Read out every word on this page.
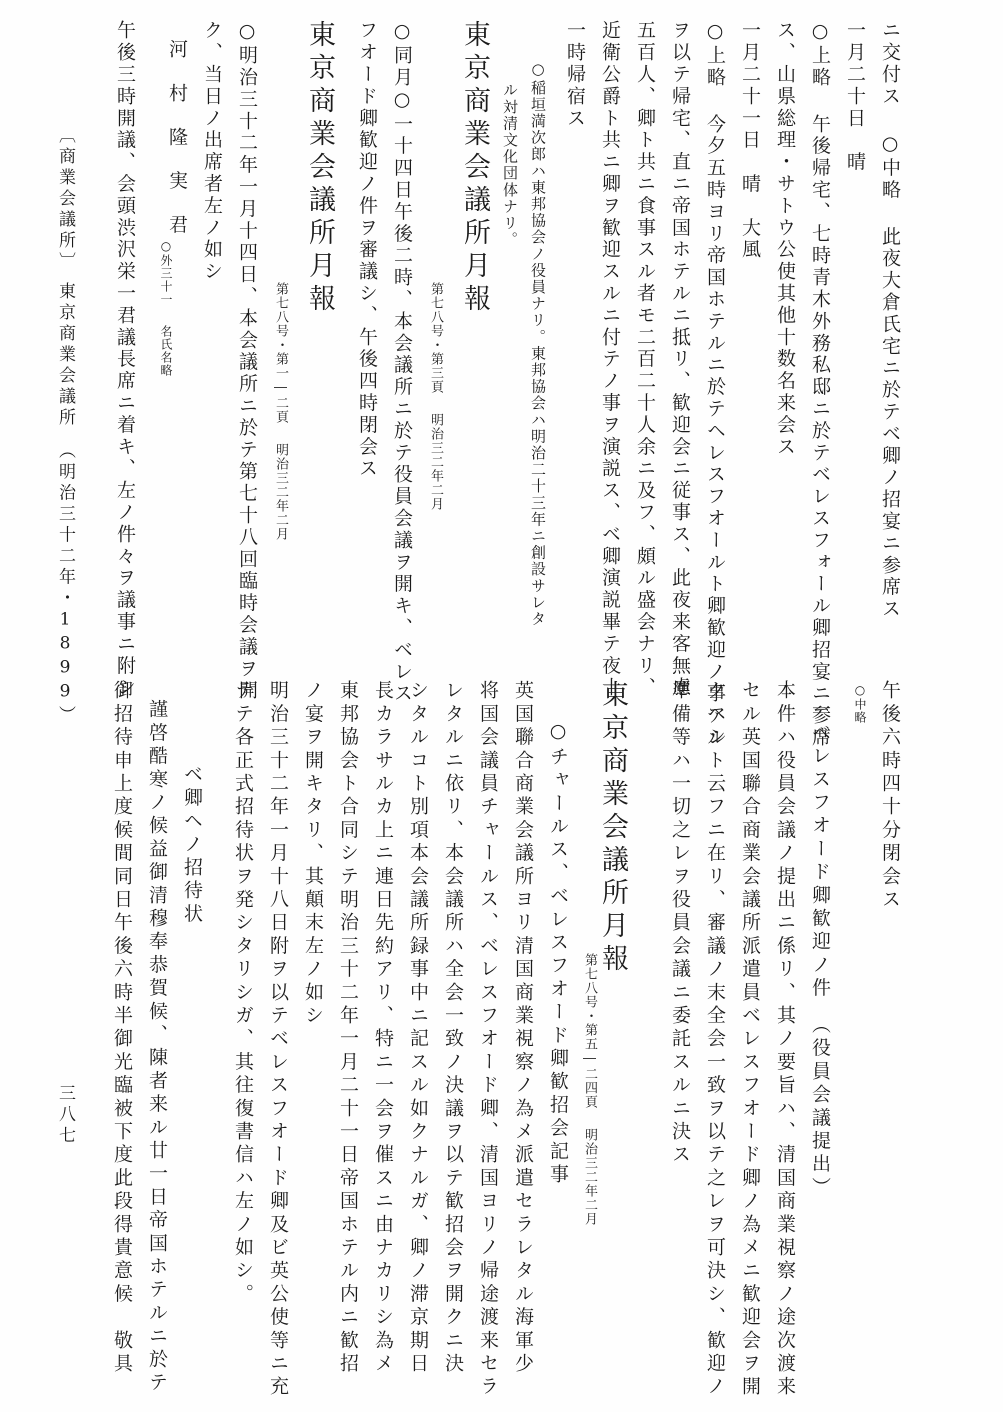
ニ交付ス ○中略 此夜大倉氏宅ニ於テベ卿ノ招宴ニ参席ス
一月二十日　晴
○上略 午後帰宅、七時青木外務私邸ニ於テベレスフォール卿招宴ニ参席
ス、山県総理・サトウ公使其他十数名来会ス
一月二十一日　晴　大風
○上略 今夕五時ヨリ帝国ホテルニ於テヘレスフオールト卿歓迎ノ事アル
ヲ以テ帰宅、直ニ帝国ホテルニ抵リ、歓迎会ニ従事ス、此夜来客無慮
五百人、卿ト共ニ食事スル者モ二百二十人余ニ及フ、頗ル盛会ナリ、
近衛公爵ト共ニ卿ヲ歓迎スルニ付テノ事ヲ演説ス、ベ卿演説畢テ夜十
一時帰宿ス
○稲垣満次郎ハ東邦協会ノ役員ナリ。東邦協会ハ明治二十三年ニ創設サレタ
ル対清文化団体ナリ。
東京商業会議所月報
第七八号・第三頁 明治三二年二月
○同月○一十四日午後二時、本会議所ニ於テ役員会議ヲ開キ、ベレス
フオード卿歓迎ノ件ヲ審議シ、午後四時閉会ス
東京商業会議所月報
第七八号・第一―二頁 明治三二年二月
○明治三十二年一月十四日、本会議所ニ於テ第七十八回臨時会議ヲ開
ク、当日ノ出席者左ノ如シ
河　村　隆　実　君
○外三十一 名氏名略
午後三時開議、会頭渋沢栄一君議長席ニ着キ、左ノ件々ヲ議事ニ附シ
〔商業会議所〕
東京商業会議所　（明治三十二年・1899）
午後六時四十分閉会ス
○中略
一ベレスフオード卿歓迎ノ件　（役員会議提出）
本件ハ役員会議ノ提出ニ係リ、其ノ要旨ハ、清国商業視察ノ途次渡来
セル英国聯合商業会議所派遣員ベレスフオード卿ノ為メニ歓迎会ヲ開
クヘシト云フニ在リ、審議ノ末全会一致ヲ以テ之レヲ可決シ、歓迎ノ
準備等ハ一切之レヲ役員会議ニ委託スルニ決ス
東京商業会議所月報
第七八号・第五―二四頁 明治三二年二月
○チャールス、ベレスフオード卿歓招会記事
英国聯合商業会議所ヨリ清国商業視察ノ為メ派遣セラレタル海軍少
将国会議員チャールス、ベレスフオード卿、清国ヨリノ帰途渡来セラ
レタルニ依リ、本会議所ハ全会一致ノ決議ヲ以テ歓招会ヲ開クニ決
シタルコト別項本会議所録事中ニ記スル如クナルガ、卿ノ滞京期日
長カラサルカ上ニ連日先約アリ、特ニ一会ヲ催スニ由ナカリシ為メ
東邦協会ト合同シテ明治三十二年一月二十一日帝国ホテル内ニ歓招
ノ宴ヲ開キタリ、其顛末左ノ如シ
明治三十二年一月十八日附ヲ以テベレスフオード卿及ビ英公使等ニ充
テテ各正式招待状ヲ発シタリシガ、其往復書信ハ左ノ如シ。
ベ卿ヘノ招待状
謹啓酷寒ノ候益御清穆奉恭賀候、陳者来ル廿一日帝国ホテルニ於テ
御招待申上度候間同日午後六時半御光臨被下度此段得貴意候　敬具
三八七
